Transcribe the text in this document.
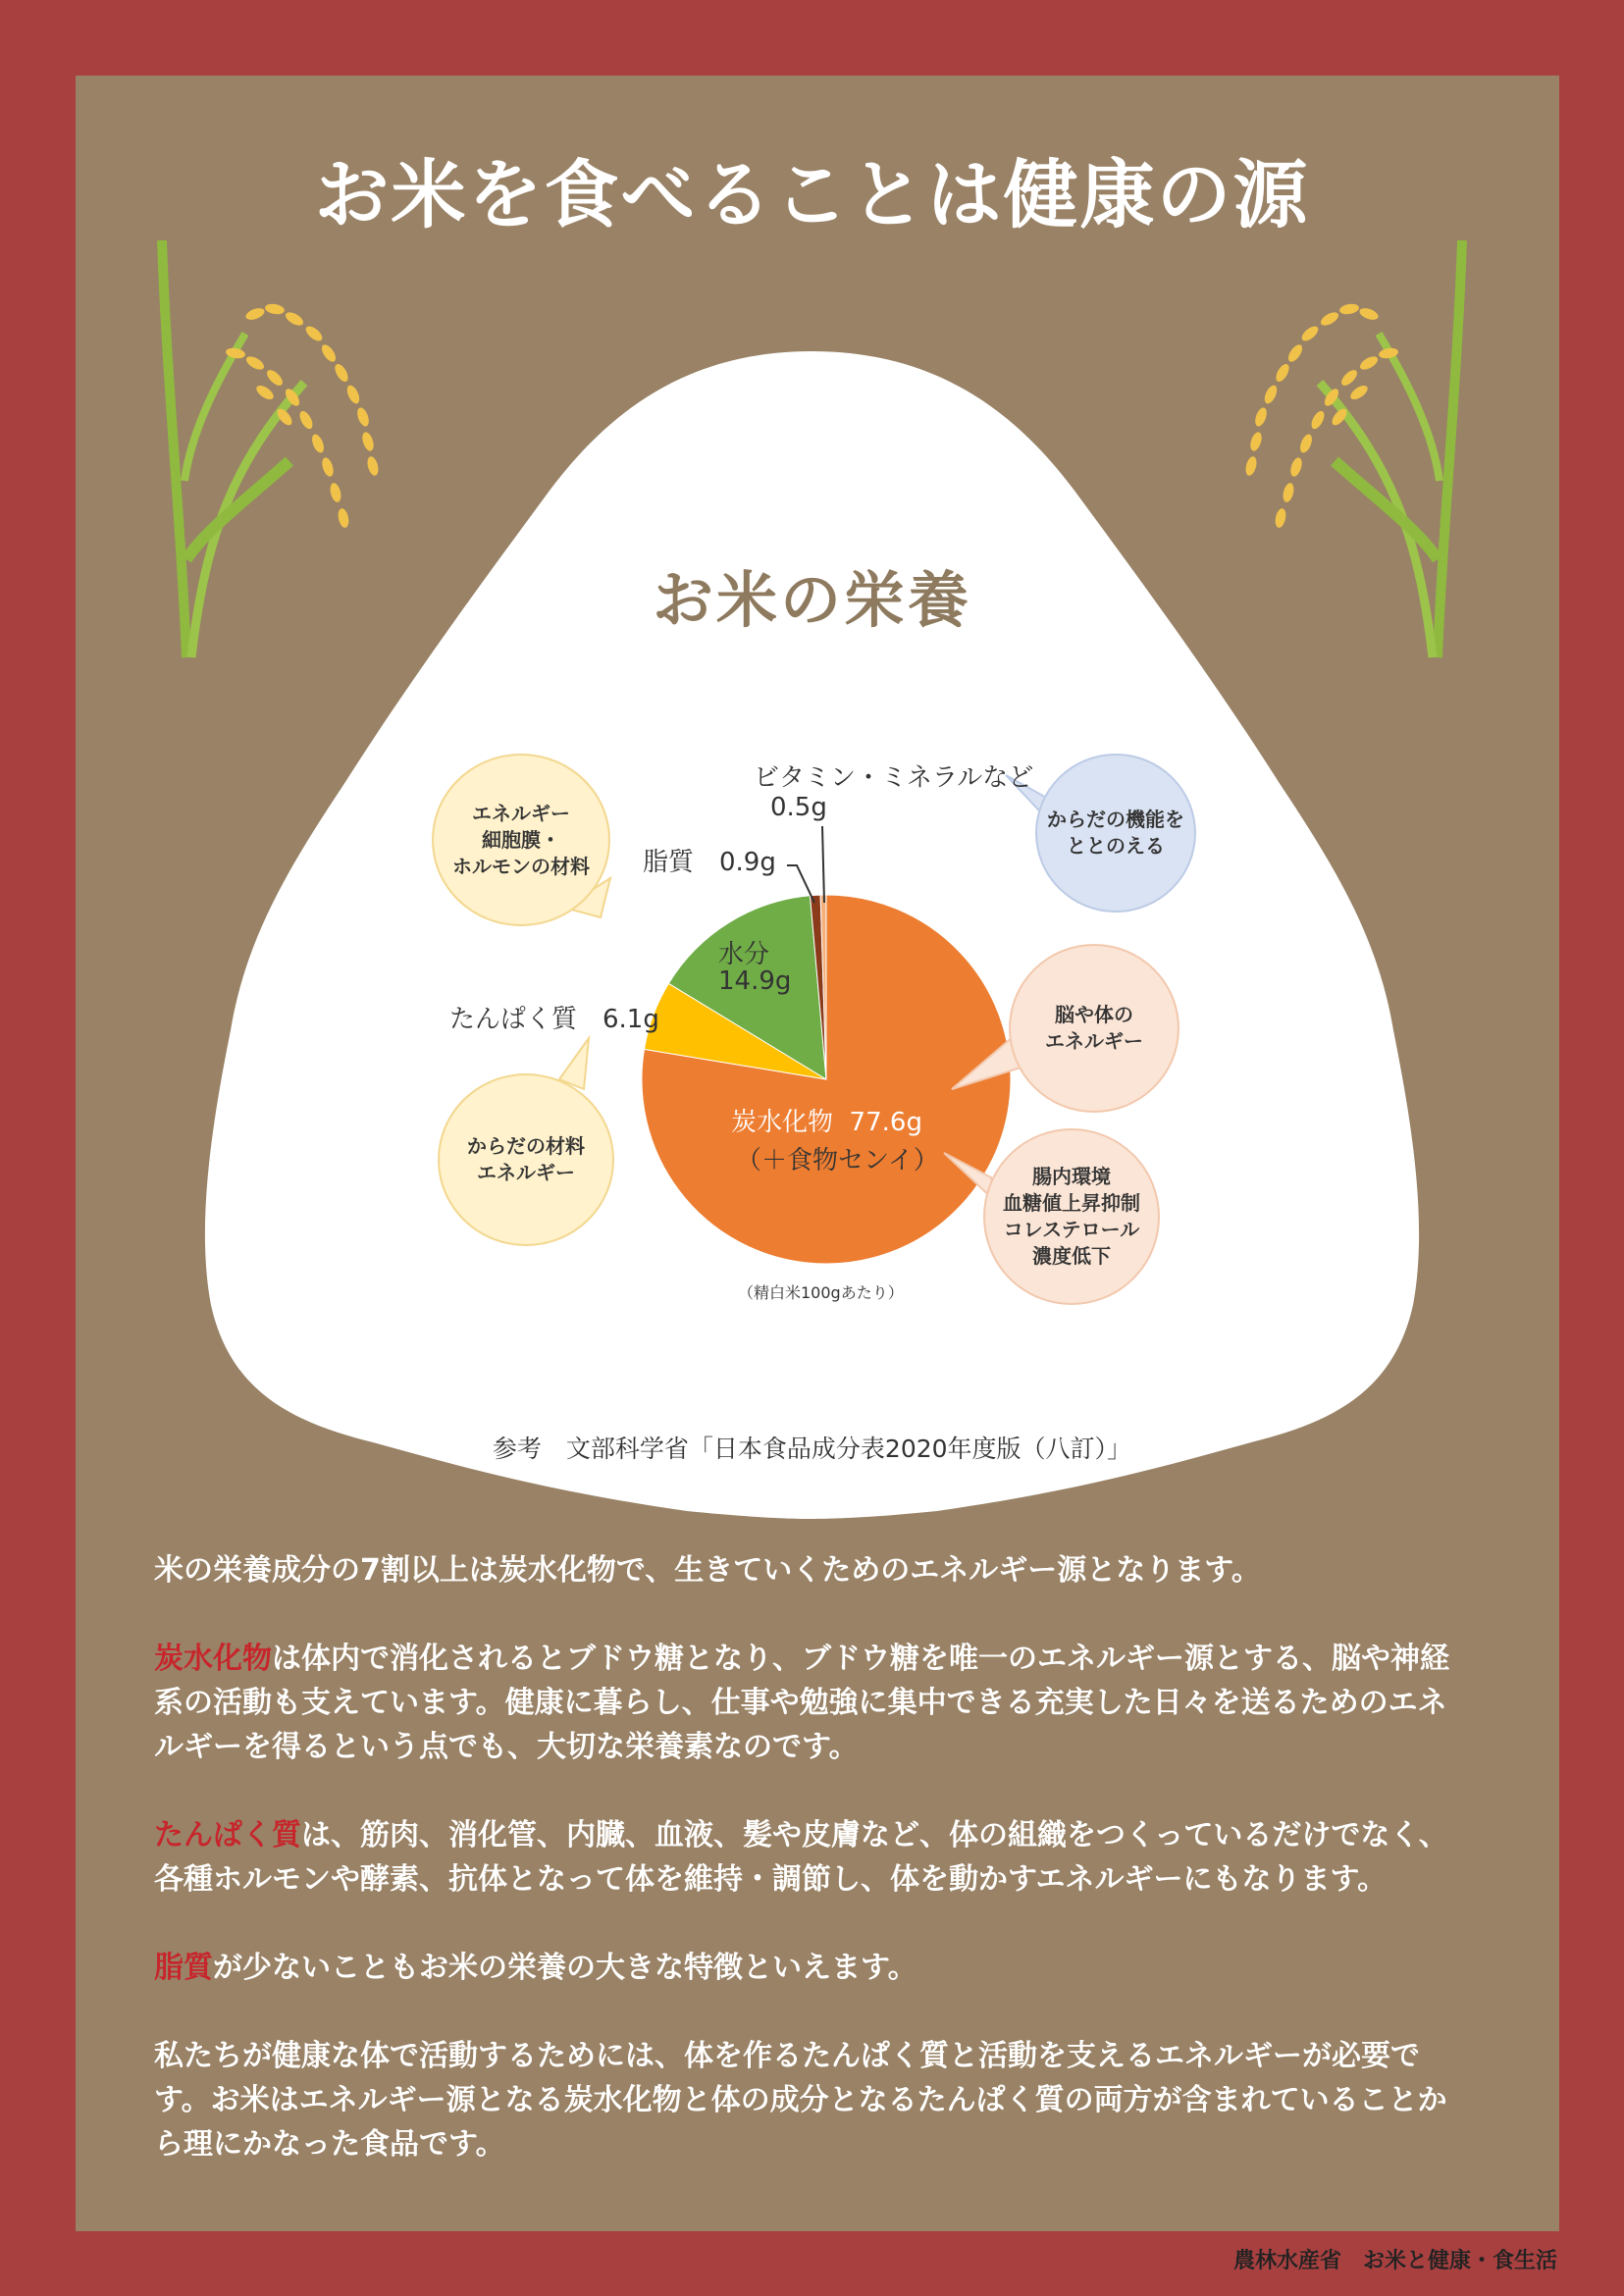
お米を食べることは健康の源
お米の栄養
エネルギー
細胞膜・
ホルモンの材料
からだの機能を
ととのえる
脳や体の
エネルギー
からだの材料
エネルギー	腸内環境
血糖値上昇抑制
コレステロール
濃度低下
ビタミン・ミネラルなど
0.5g
脂質　0.9g
水分
14.9g
たんぱく質　6.1g
炭水化物 77.6g
（＋食物センイ）
（精白米100gあたり）
参考　文部科学省「日本食品成分表2020年度版（八訂）」

米の栄養成分の7割以上は炭水化物で、生きていくためのエネルギー源となります。

炭水化物は体内で消化されるとブドウ糖となり、ブドウ糖を唯一のエネルギー源とする、脳や神経系の活動も支えています。健康に暮らし、仕事や勉強に集中できる充実した日々を送るためのエネルギーを得るという点でも、大切な栄養素なのです。

たんぱく質は、筋肉、消化管、内臓、血液、髪や皮膚など、体の組織をつくっているだけでなく、各種ホルモンや酵素、抗体となって体を維持・調節し、体を動かすエネルギーにもなります。

脂質が少ないこともお米の栄養の大きな特徴といえます。

私たちが健康な体で活動するためには、体を作るたんぱく質と活動を支えるエネルギーが必要です。お米はエネルギー源となる炭水化物と体の成分となるたんぱく質の両方が含まれていることから理にかなった食品です。

農林水産省　お米と健康・食生活
